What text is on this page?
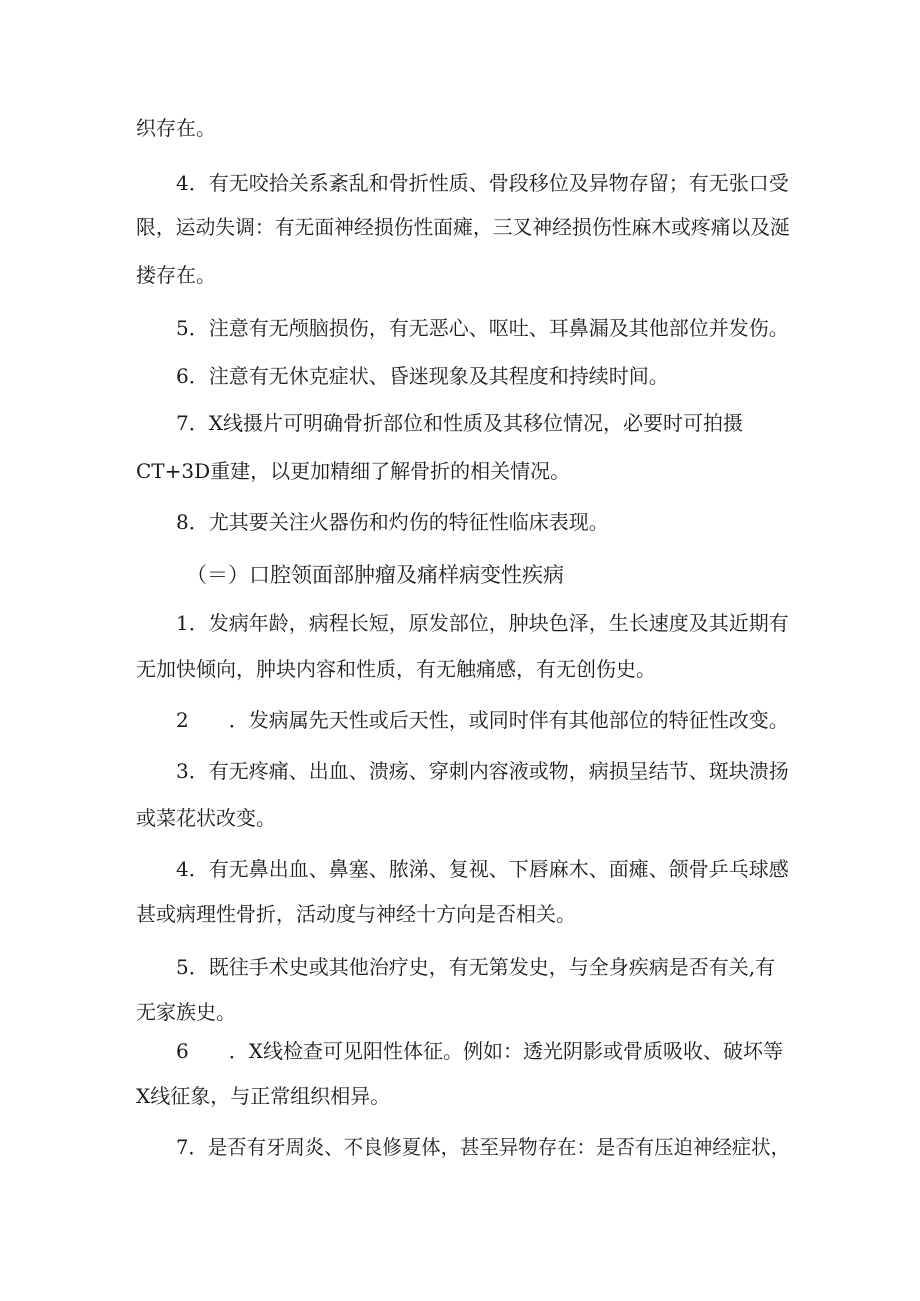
织存在。
4．有无咬拾关系紊乱和骨折性质、骨段移位及异物存留；有无张口受
限，运动失调：有无面神经损伤性面瘫，三叉神经损伤性麻木或疼痛以及涎
搂存在。
5．注意有无颅脑损伤，有无恶心、呕吐、耳鼻漏及其他部位并发伤。
6．注意有无休克症状、昏迷现象及其程度和持续时间。
7．X线摄片可明确骨折部位和性质及其移位情况，必要时可拍摄
CT+3D重建，以更加精细了解骨折的相关情况。
8．尤其要关注火器伤和灼伤的特征性临床表现。
（＝）口腔领面部肿瘤及痛样病变性疾病
1．发病年龄，病程长短，原发部位，肿块色泽，生长速度及其近期有
无加快倾向，肿块内容和性质，有无触痛感，有无创伤史。
2　　．发病属先天性或后天性，或同时伴有其他部位的特征性改变。
3．有无疼痛、出血、溃疡、穿刺内容液或物，病损呈结节、斑块溃扬
或菜花状改变。
4．有无鼻出血、鼻塞、脓涕、复视、下唇麻木、面瘫、颌骨乒乓球感
甚或病理性骨折，活动度与神经十方向是否相关。
5．既往手术史或其他治疗史，有无第发史，与全身疾病是否有关,有
无家族史。
6　　．X线检查可见阳性体征。例如：透光阴影或骨质吸收、破坏等
X线征象，与正常组织相异。
7．是否有牙周炎、不良修夏体，甚至异物存在：是否有压迫神经症状，
